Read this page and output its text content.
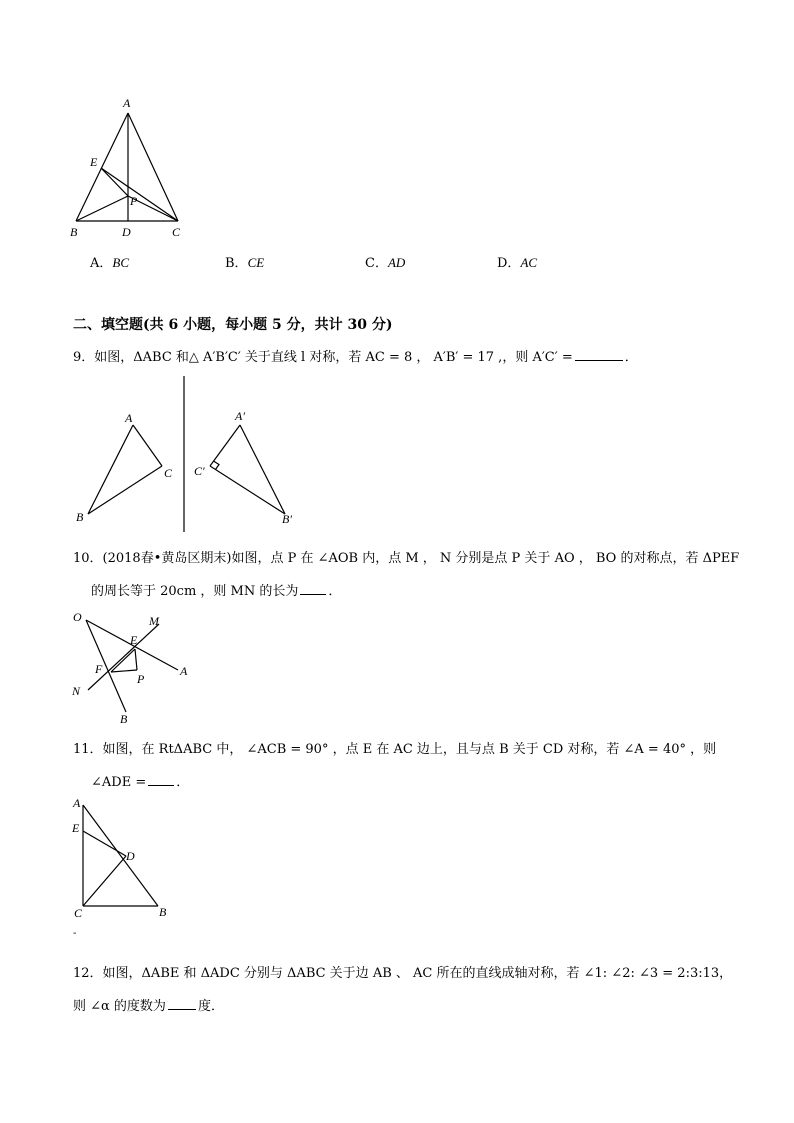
A
E
P
B	D	C
A．BC	B．CE	C．AD	D．AC
二、填空题(共 6 小题，每小题 5 分，共计 30 分)
9．如图，ΔABC 和△ A′B′C′ 关于直线 l 对称，若 AC = 8 ， A′B′ = 17 ,，则 A′C′ =	．
A
C
B
A′
C′
B′
10．(2018春•黄岛区期末)如图，点 P 在 ∠AOB 内，点 M ， N 分别是点 P 关于 AO ， BO 的对称点，若 ΔPEF
的周长等于 20cm ，则 MN 的长为 ．
O	M
E
F
P
A
N
B
11．如图，在 RtΔABC 中， ∠ACB = 90° ，点 E 在 AC 边上，且与点 B 关于 CD 对称，若 ∠A = 40° ，则
∠ADE = ．
A
E
D
C	B
-
12．如图，ΔABE 和 ΔADC 分别与 ΔABC 关于边 AB 、 AC 所在的直线成轴对称，若 ∠1: ∠2: ∠3 = 2:3:13，
则 ∠α 的度数为 度．
